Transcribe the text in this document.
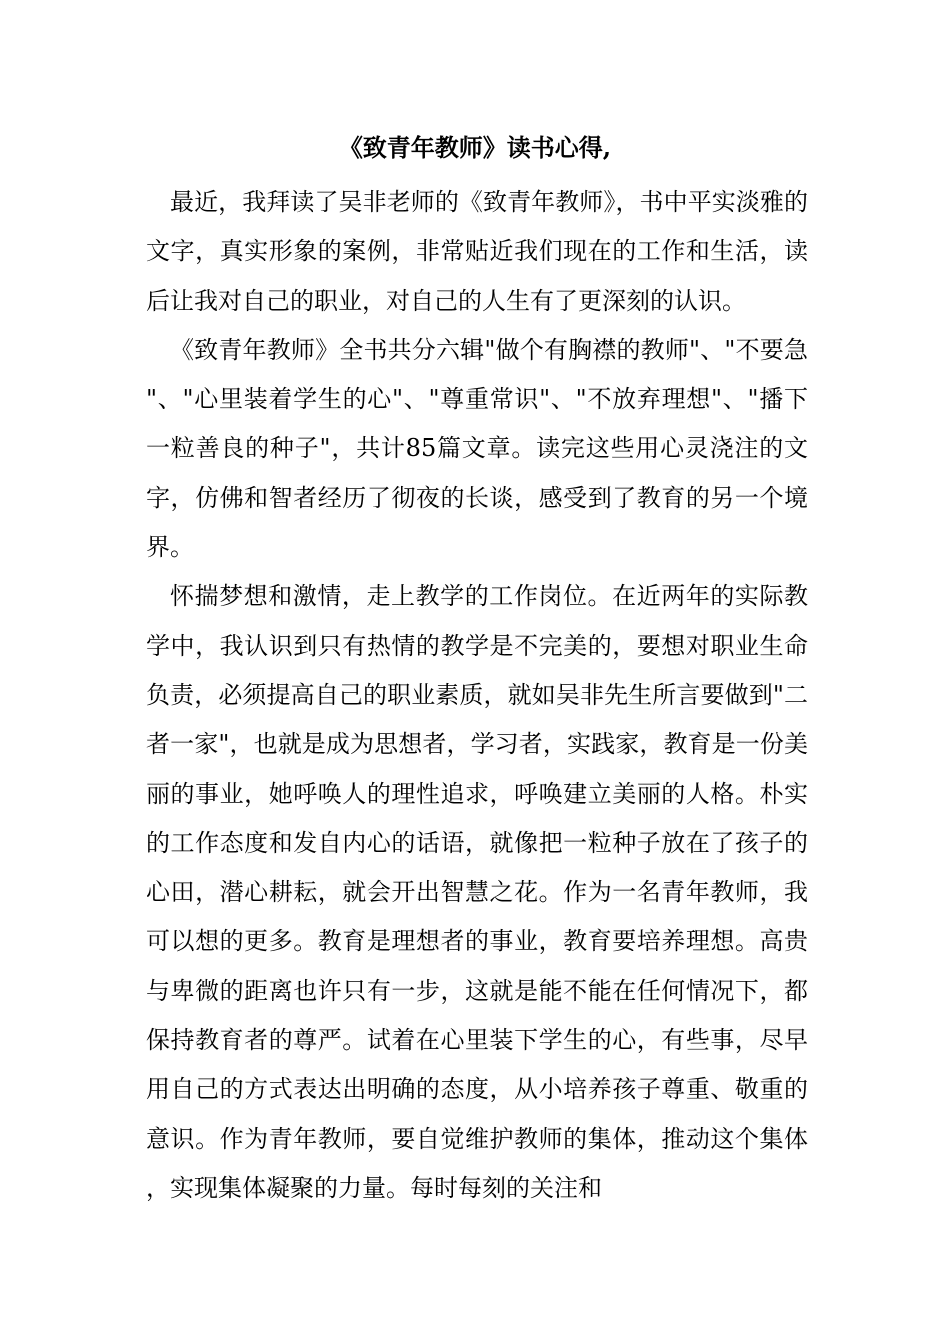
《致青年教师》读书心得,

最近，我拜读了吴非老师的《致青年教师》，书中平实淡雅的文字，真实形象的案例，非常贴近我们现在的工作和生活，读后让我对自己的职业，对自己的人生有了更深刻的认识。

《致青年教师》全书共分六辑"做个有胸襟的教师"、"不要急"、"心里装着学生的心"、"尊重常识"、"不放弃理想"、"播下一粒善良的种子"，共计85篇文章。读完这些用心灵浇注的文字，仿佛和智者经历了彻夜的长谈，感受到了教育的另一个境界。

怀揣梦想和激情，走上教学的工作岗位。在近两年的实际教学中，我认识到只有热情的教学是不完美的，要想对职业生命负责，必须提高自己的职业素质，就如吴非先生所言要做到"二者一家"，也就是成为思想者，学习者，实践家，教育是一份美丽的事业，她呼唤人的理性追求，呼唤建立美丽的人格。朴实的工作态度和发自内心的话语，就像把一粒种子放在了孩子的心田，潜心耕耘，就会开出智慧之花。作为一名青年教师，我可以想的更多。教育是理想者的事业，教育要培养理想。高贵与卑微的距离也许只有一步，这就是能不能在任何情况下，都保持教育者的尊严。试着在心里装下学生的心，有些事，尽早用自己的方式表达出明确的态度，从小培养孩子尊重、敬重的意识。作为青年教师，要自觉维护教师的集体，推动这个集体，实现集体凝聚的力量。每时每刻的关注和
